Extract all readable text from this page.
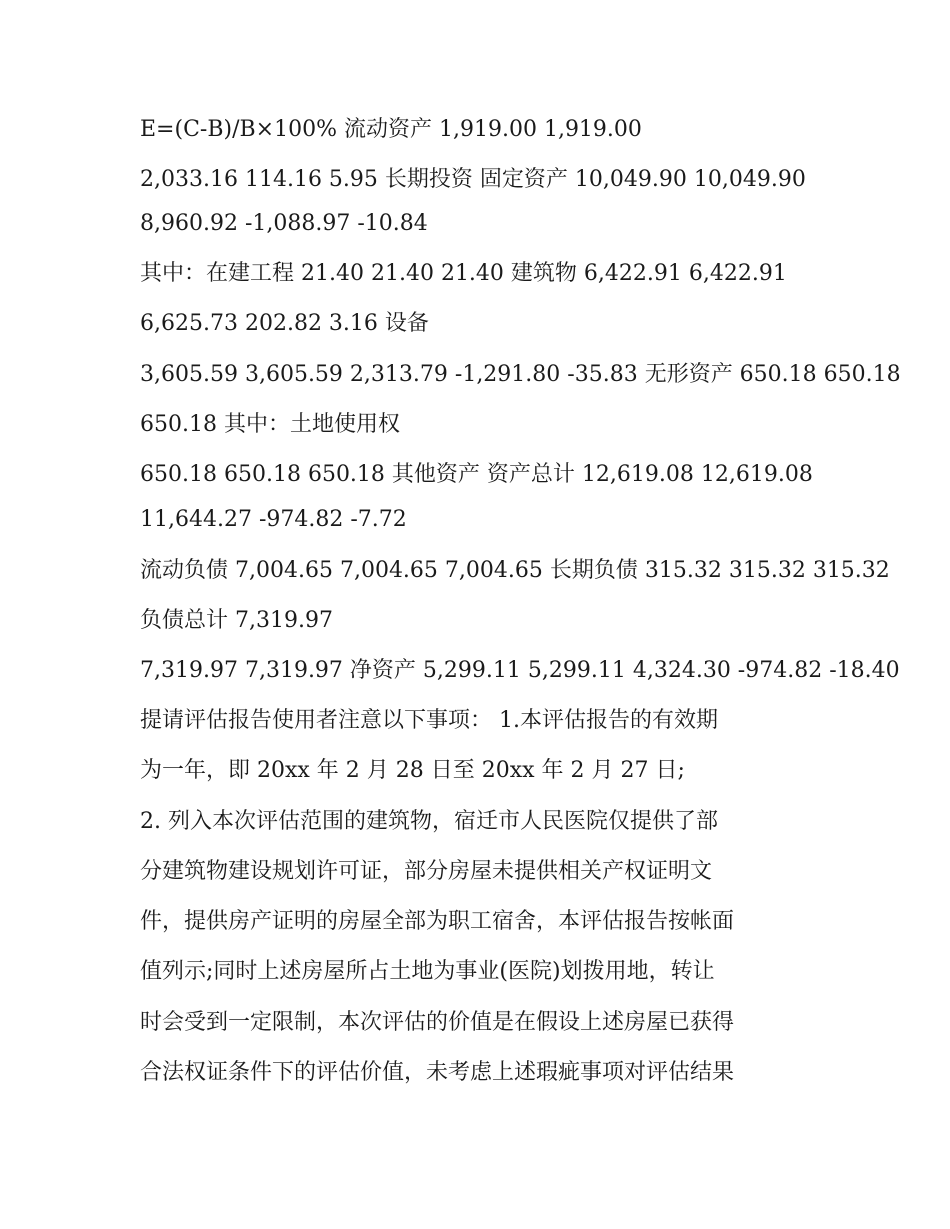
E=(C-B)/B×100% 流动资产 1,919.00 1,919.00
2,033.16 114.16 5.95 长期投资 固定资产 10,049.90 10,049.90
8,960.92 -1,088.97 -10.84
其中：在建工程 21.40 21.40 21.40 建筑物 6,422.91 6,422.91
6,625.73 202.82 3.16 设备
3,605.59 3,605.59 2,313.79 -1,291.80 -35.83 无形资产 650.18 650.18
650.18 其中：土地使用权
650.18 650.18 650.18 其他资产 资产总计 12,619.08 12,619.08
11,644.27 -974.82 -7.72
流动负债 7,004.65 7,004.65 7,004.65 长期负债 315.32 315.32 315.32
负债总计 7,319.97
7,319.97 7,319.97 净资产 5,299.11 5,299.11 4,324.30 -974.82 -18.40
提请评估报告使用者注意以下事项： 1.本评估报告的有效期
为一年，即 20xx 年 2 月 28 日至 20xx 年 2 月 27 日;
2. 列入本次评估范围的建筑物，宿迁市人民医院仅提供了部
分建筑物建设规划许可证，部分房屋未提供相关产权证明文
件，提供房产证明的房屋全部为职工宿舍，本评估报告按帐面
值列示;同时上述房屋所占土地为事业(医院)划拨用地，转让
时会受到一定限制，本次评估的价值是在假设上述房屋已获得
合法权证条件下的评估价值，未考虑上述瑕疵事项对评估结果
